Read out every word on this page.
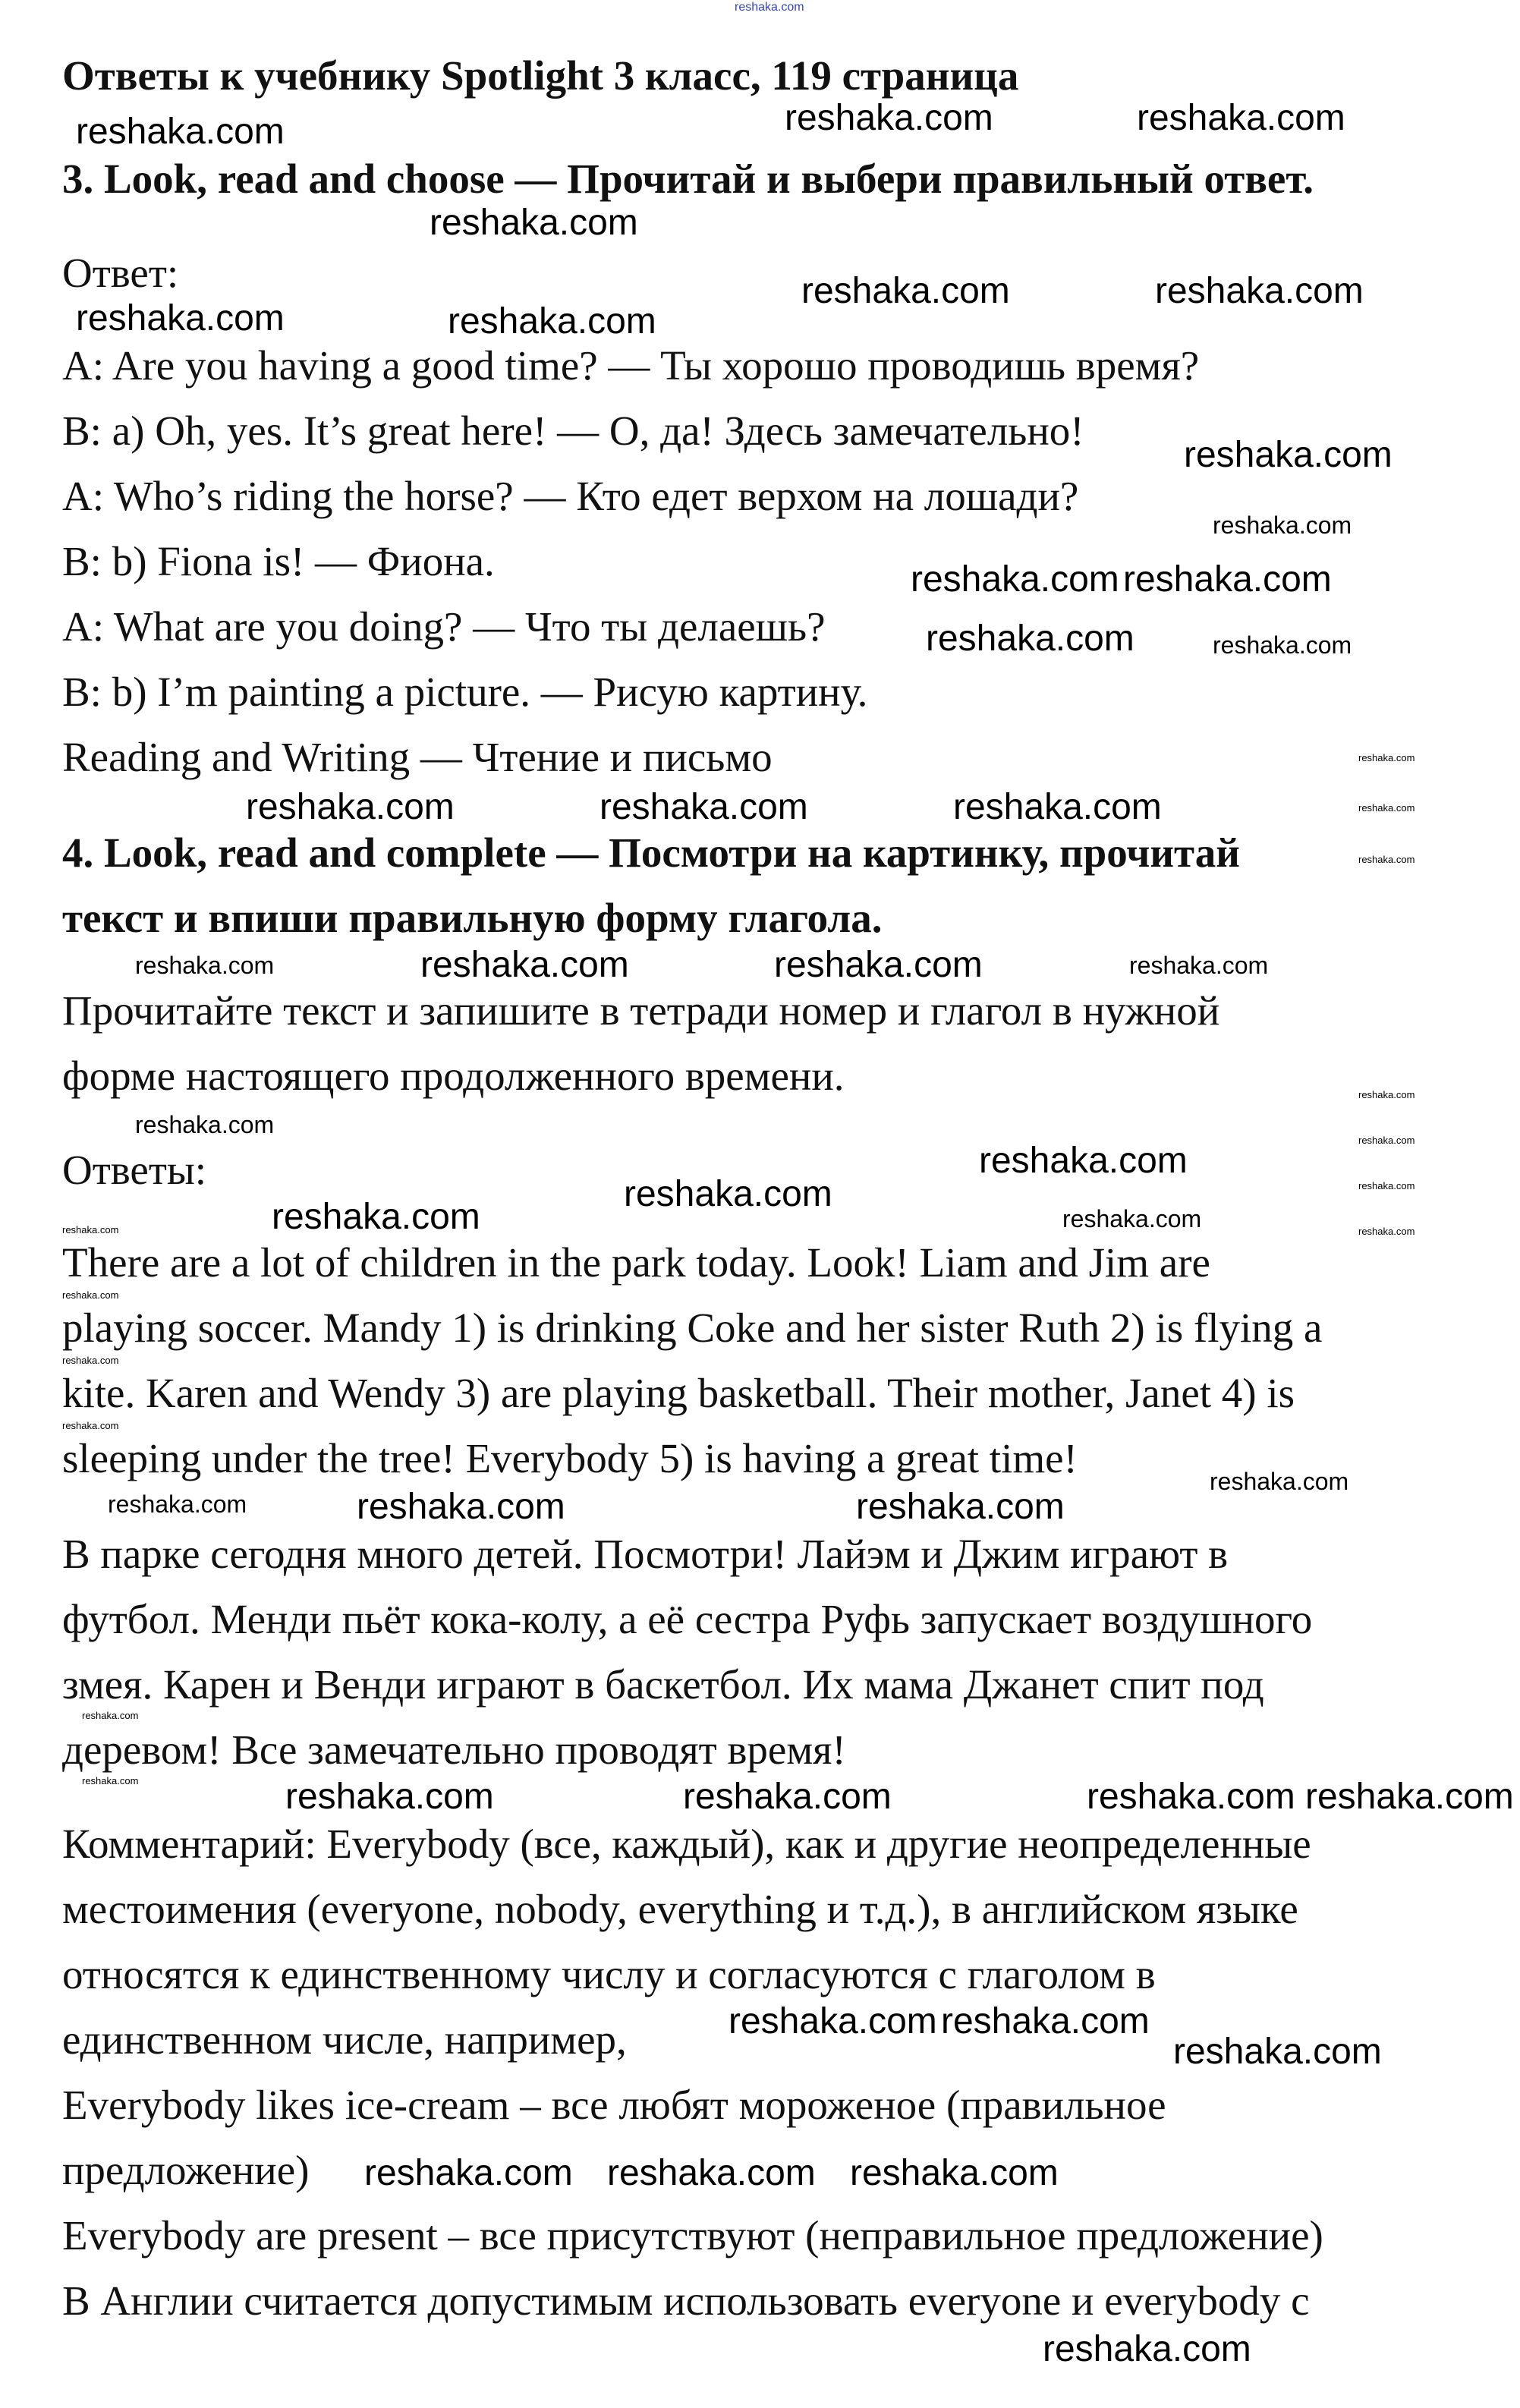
reshaka.com
Ответы к учебнику Spotlight 3 класс, 119 страница
3. Look, read and choose — Прочитай и выбери правильный ответ.
Ответ:
A: Are you having a good time? — Ты хорошо проводишь время?
B: a) Oh, yes. It’s great here! — О, да! Здесь замечательно!
A: Who’s riding the horse? — Кто едет верхом на лошади?
B: b) Fiona is! — Фиона.
A: What are you doing? — Что ты делаешь?
B: b) I’m painting a picture. — Рисую картину.
Reading and Writing — Чтение и письмо
4. Look, read and complete — Посмотри на картинку, прочитай
текст и впиши правильную форму глагола.
Прочитайте текст и запишите в тетради номер и глагол в нужной
форме настоящего продолженного времени.
Ответы:
There are a lot of children in the park today. Look! Liam and Jim are
playing soccer. Mandy 1) is drinking Coke and her sister Ruth 2) is flying a
kite. Karen and Wendy 3) are playing basketball. Their mother, Janet 4) is
sleeping under the tree! Everybody 5) is having a great time!
В парке сегодня много детей. Посмотри! Лайэм и Джим играют в
футбол. Менди пьёт кока-колу, а её сестра Руфь запускает воздушного
змея. Карен и Венди играют в баскетбол. Их мама Джанет спит под
деревом! Все замечательно проводят время!
Комментарий: Everybody (все, каждый), как и другие неопределенные
местоимения (everyone, nobody, everything и т.д.), в английском языке
относятся к единственному числу и согласуются с глаголом в
единственном числе, например,
Everybody likes ice-cream – все любят мороженое (правильное
предложение)
Everybody are present – все присутствуют (неправильное предложение)
В Англии считается допустимым использовать everyone и everybody с
reshaka.com	reshaka.com
reshaka.com
reshaka.com
reshaka.com	reshaka.com
reshaka.com	reshaka.com
reshaka.com
reshaka.com reshaka.com
reshaka.com
reshaka.com	reshaka.com	reshaka.com
reshaka.com	reshaka.com
reshaka.com
reshaka.com
reshaka.com
reshaka.com
reshaka.com
reshaka.com
reshaka.com	reshaka.com	reshaka.com
reshaka.com
reshaka.com reshaka.com
reshaka.com
reshaka.com reshaka.com
reshaka.com
reshaka.com
reshaka.com
reshaka.com	reshaka.com
reshaka.com
reshaka.com
reshaka.com
reshaka.com
reshaka.com
reshaka.com
reshaka.com
reshaka.com
reshaka.com
reshaka.com
reshaka.com
reshaka.com
reshaka.com
reshaka.com
reshaka.com
reshaka.com
reshaka.com
